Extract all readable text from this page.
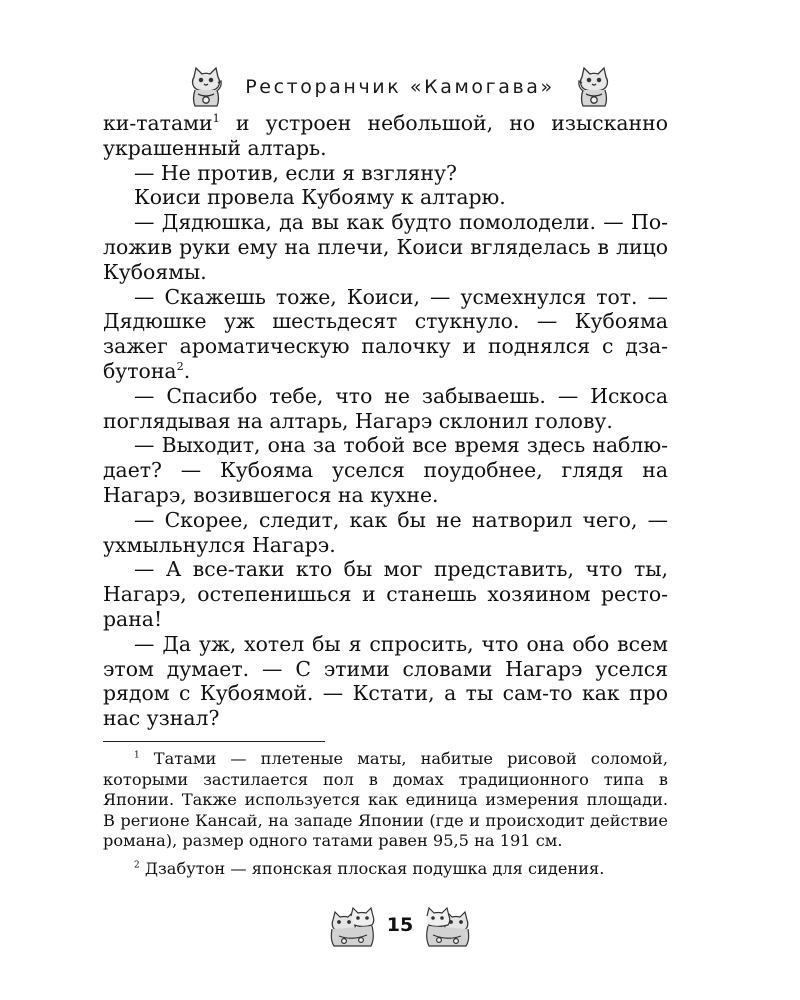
Ресторанчик «Камогава»

ки-татами$^1$ и устроен небольшой, но изысканно украшенный алтарь.

— Не против, если я взгляну?

Коиси провела Кубояму к алтарю.

— Дядюшка, да вы как будто помолодели. — Положив руки ему на плечи, Коиси вгляделась в лицо Кубоямы.

— Скажешь тоже, Коиси, — усмехнулся тот. — Дядюшке уж шестьдесят стукнуло. — Кубояма зажег ароматическую палочку и поднялся с дзабутона$^2$.

— Спасибо тебе, что не забываешь. — Искоса поглядывая на алтарь, Нагарэ склонил голову.

— Выходит, она за тобой все время здесь наблюдает? — Кубояма уселся поудобнее, глядя на Нагарэ, возившегося на кухне.

— Скорее, следит, как бы не натворил чего, — ухмыльнулся Нагарэ.

— А все-таки кто бы мог представить, что ты, Нагарэ, остепенишься и станешь хозяином ресторана!

— Да уж, хотел бы я спросить, что она обо всем этом думает. — С этими словами Нагарэ уселся рядом с Кубоямой. — Кстати, а ты сам-то как про нас узнал?

$^1$ Татами — плетеные маты, набитые рисовой соломой, которыми застилается пол в домах традиционного типа в Японии. Также используется как единица измерения площади. В регионе Кансай, на западе Японии (где и происходит действие романа), размер одного татами равен 95,5 на 191 см.

$^2$ Дзабутон — японская плоская подушка для сидения.

15
